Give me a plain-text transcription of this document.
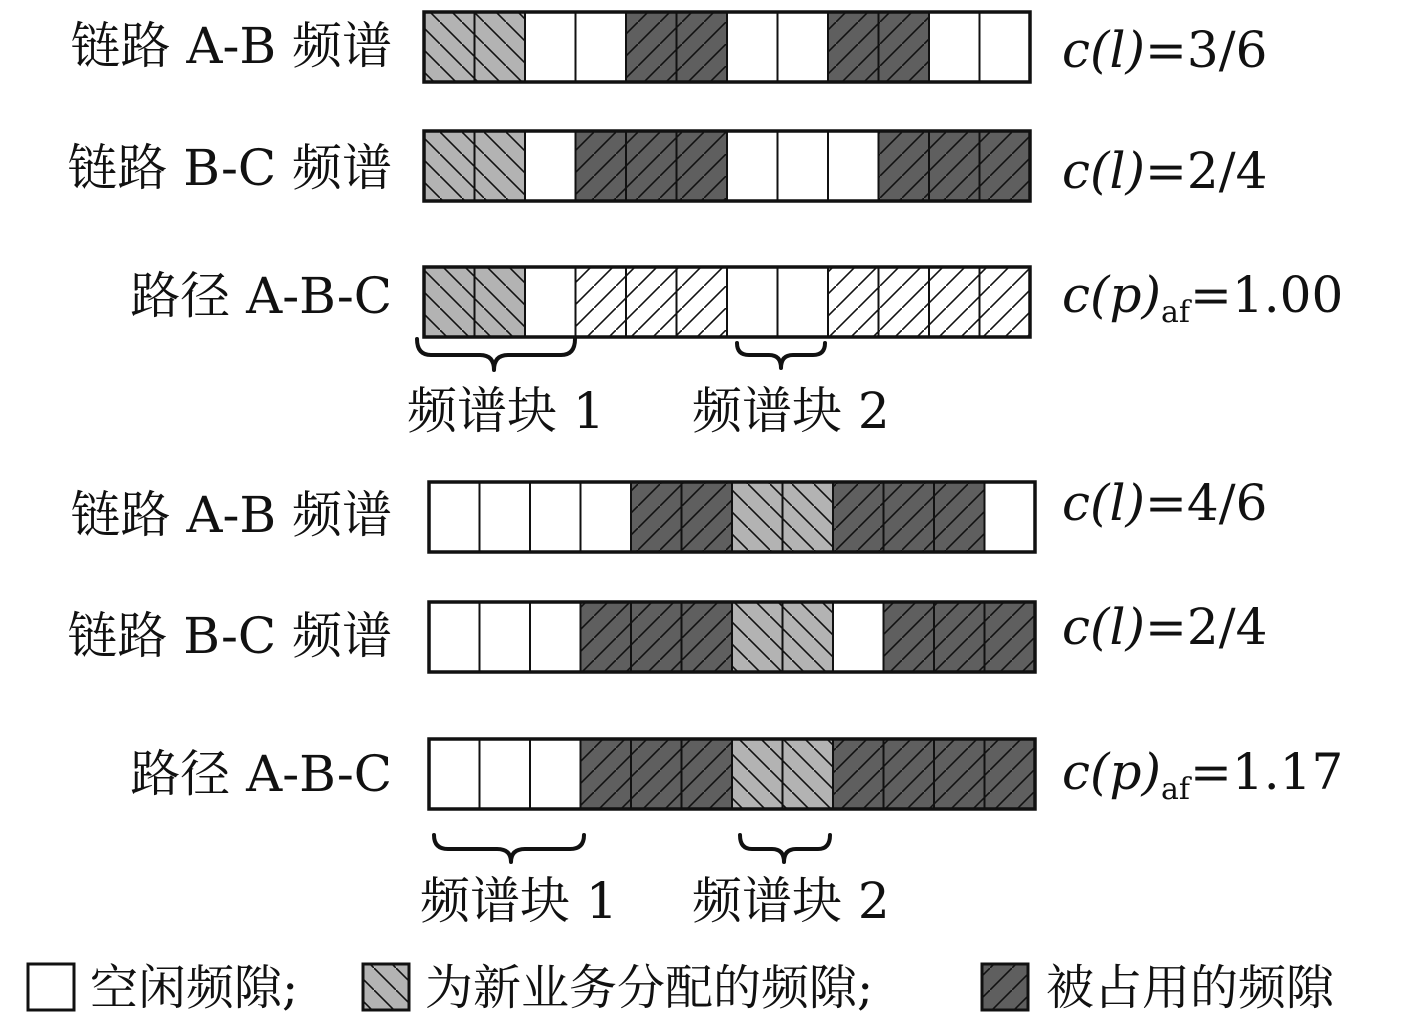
链路 A-B 频谱
链路 B-C 频谱
路径 A-B-C
c(l)=3/6
c(l)=2/4
$c(p)_{af}=1.00$
频谱块 1 频谱块 2
链路 A-B 频谱
链路 B-C 频谱
路径 A-B-C
c(l)=4/6
c(l)=2/4
$c(p)_{af}=1.17$
频谱块 1 频谱块 2
空闲频隙;	为新业务分配的频隙;	被占用的频隙
